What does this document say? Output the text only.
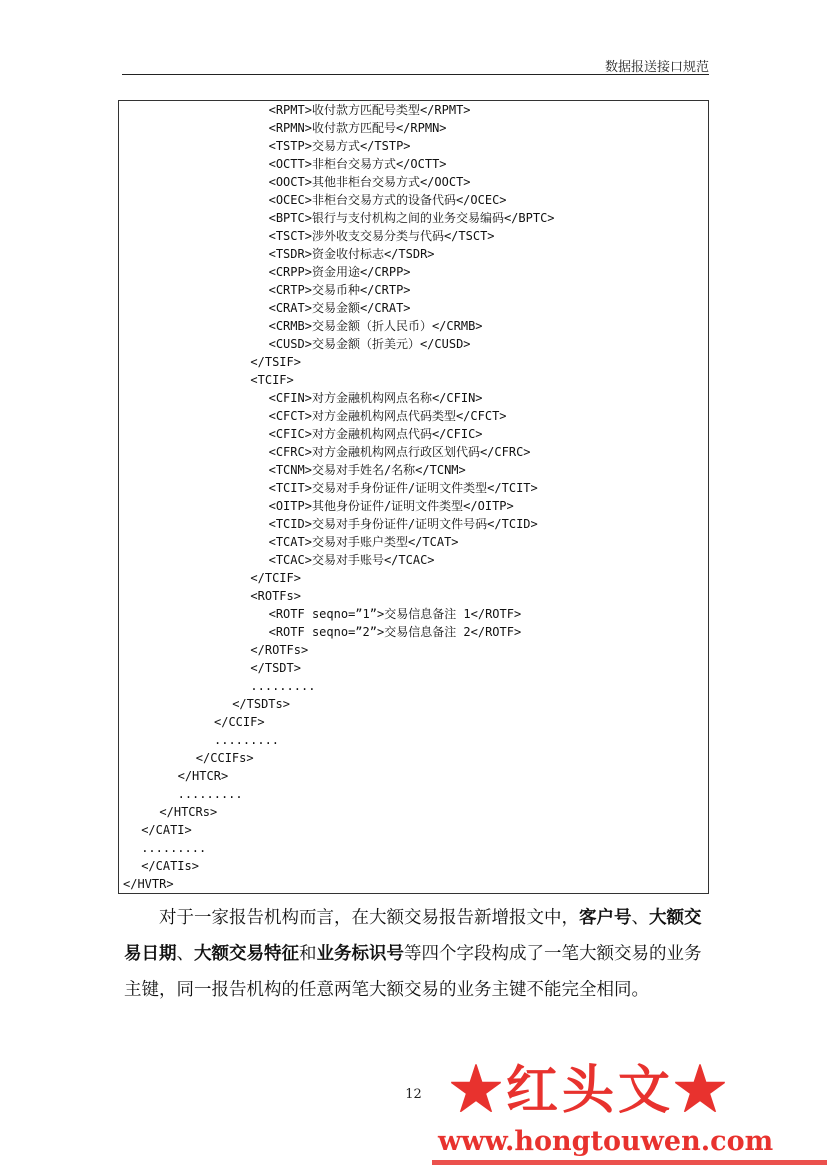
数据报送接口规范
<RPMT>收付款方匹配号类型</RPMT>
<RPMN>收付款方匹配号</RPMN>
<TSTP>交易方式</TSTP>
<OCTT>非柜台交易方式</OCTT>
<OOCT>其他非柜台交易方式</OOCT>
<OCEC>非柜台交易方式的设备代码</OCEC>
<BPTC>银行与支付机构之间的业务交易编码</BPTC>
<TSCT>涉外收支交易分类与代码</TSCT>
<TSDR>资金收付标志</TSDR>
<CRPP>资金用途</CRPP>
<CRTP>交易币种</CRTP>
<CRAT>交易金额</CRAT>
<CRMB>交易金额（折人民币）</CRMB>
<CUSD>交易金额（折美元）</CUSD>
</TSIF>
<TCIF>
<CFIN>对方金融机构网点名称</CFIN>
<CFCT>对方金融机构网点代码类型</CFCT>
<CFIC>对方金融机构网点代码</CFIC>
<CFRC>对方金融机构网点行政区划代码</CFRC>
<TCNM>交易对手姓名/名称</TCNM>
<TCIT>交易对手身份证件/证明文件类型</TCIT>
<OITP>其他身份证件/证明文件类型</OITP>
<TCID>交易对手身份证件/证明文件号码</TCID>
<TCAT>交易对手账户类型</TCAT>
<TCAC>交易对手账号</TCAC>
</TCIF>
<ROTFs>
<ROTF seqno=”1”>交易信息备注 1</ROTF>
<ROTF seqno=”2”>交易信息备注 2</ROTF>
</ROTFs>
</TSDT>
.........
</TSDTs>
</CCIF>
.........
</CCIFs>
</HTCR>
.........
</HTCRs>
</CATI>
.........
</CATIs>
</HVTR>

对于一家报告机构而言，在大额交易报告新增报文中，客户号、大额交易日期、大额交易特征和业务标识号等四个字段构成了一笔大额交易的业务主键，同一报告机构的任意两笔大额交易的业务主键不能完全相同。

12 ★红头文★
www.hongtouwen.com
